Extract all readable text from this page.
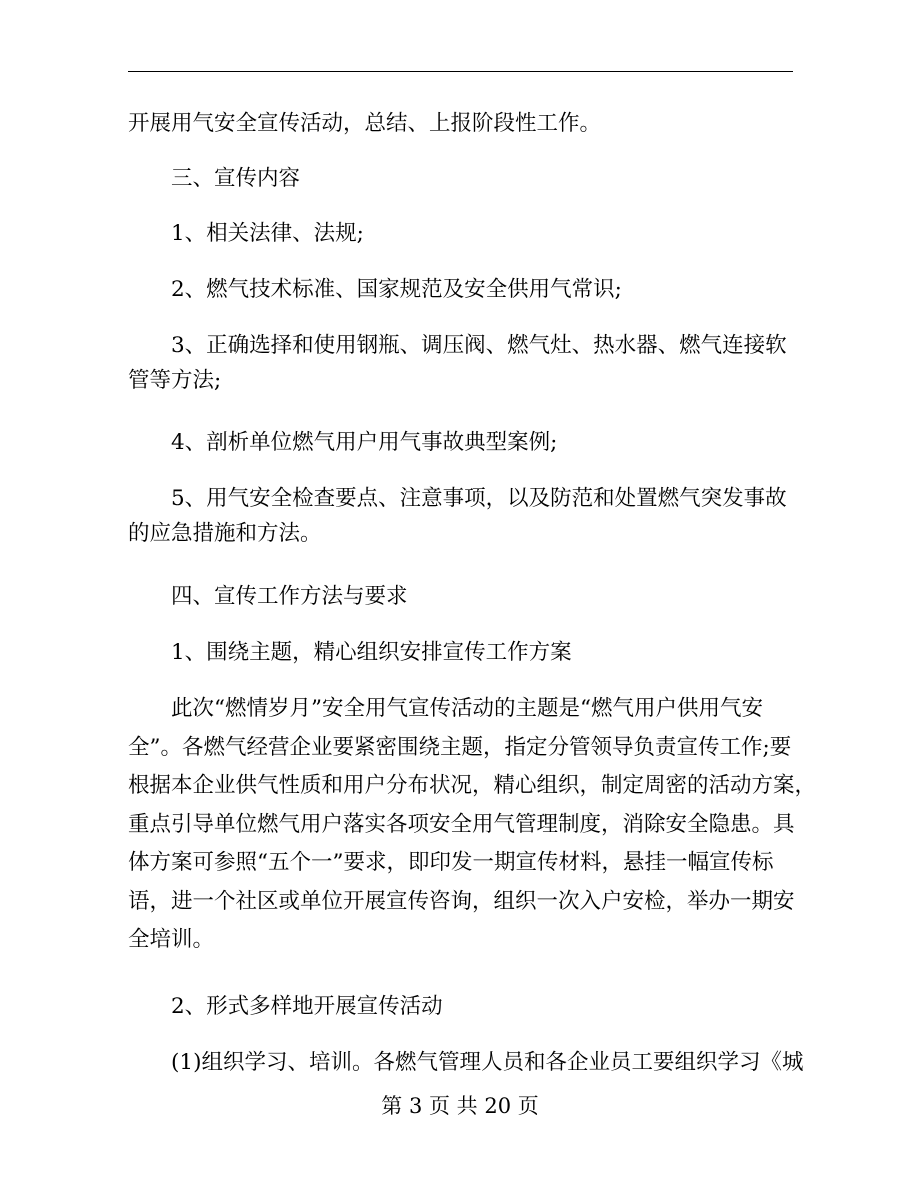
开展用气安全宣传活动，总结、上报阶段性工作。
三、宣传内容
1、相关法律、法规;
2、燃气技术标准、国家规范及安全供用气常识;
3、正确选择和使用钢瓶、调压阀、燃气灶、热水器、燃气连接软
管等方法;
4、剖析单位燃气用户用气事故典型案例;
5、用气安全检查要点、注意事项，以及防范和处置燃气突发事故
的应急措施和方法。
四、宣传工作方法与要求
1、围绕主题，精心组织安排宣传工作方案
此次“燃情岁月”安全用气宣传活动的主题是“燃气用户供用气安
全”。各燃气经营企业要紧密围绕主题，指定分管领导负责宣传工作;要
根据本企业供气性质和用户分布状况，精心组织，制定周密的活动方案，
重点引导单位燃气用户落实各项安全用气管理制度，消除安全隐患。具
体方案可参照“五个一”要求，即印发一期宣传材料，悬挂一幅宣传标
语，进一个社区或单位开展宣传咨询，组织一次入户安检，举办一期安
全培训。
2、形式多样地开展宣传活动
(1)组织学习、培训。各燃气管理人员和各企业员工要组织学习《城
第 3 页 共 20 页
